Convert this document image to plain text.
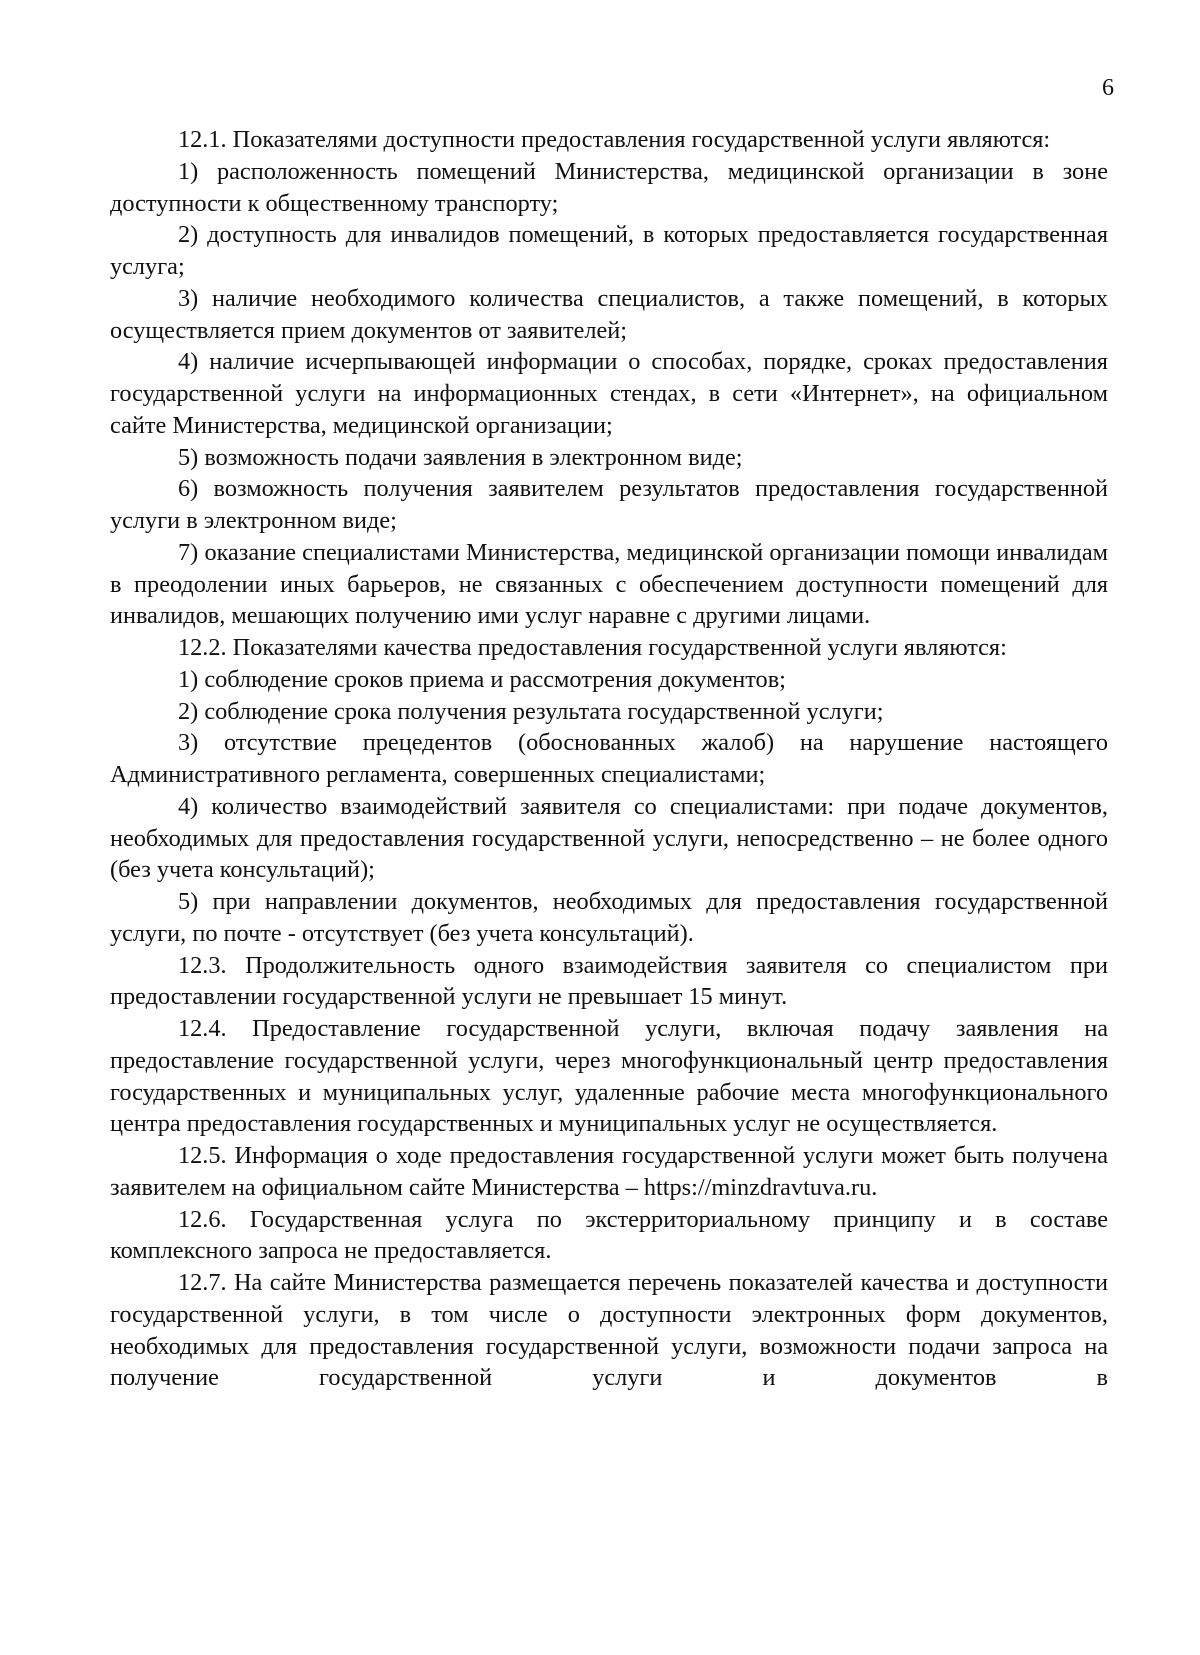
6

12.1. Показателями доступности предоставления государственной услуги являются:

1) расположенность помещений Министерства, медицинской организации в зоне доступности к общественному транспорту;

2) доступность для инвалидов помещений, в которых предоставляется государственная услуга;

3) наличие необходимого количества специалистов, а также помещений, в которых осуществляется прием документов от заявителей;

4) наличие исчерпывающей информации о способах, порядке, сроках предоставления государственной услуги на информационных стендах, в сети «Интернет», на официальном сайте Министерства, медицинской организации;

5) возможность подачи заявления в электронном виде;

6) возможность получения заявителем результатов предоставления государственной услуги в электронном виде;

7) оказание специалистами Министерства, медицинской организации помощи инвалидам в преодолении иных барьеров, не связанных с обеспечением доступности помещений для инвалидов, мешающих получению ими услуг наравне с другими лицами.

12.2. Показателями качества предоставления государственной услуги являются:

1) соблюдение сроков приема и рассмотрения документов;

2) соблюдение срока получения результата государственной услуги;

3) отсутствие прецедентов (обоснованных жалоб) на нарушение настоящего Административного регламента, совершенных специалистами;

4) количество взаимодействий заявителя со специалистами: при подаче документов, необходимых для предоставления государственной услуги, непосредственно – не более одного (без учета консультаций);

5) при направлении документов, необходимых для предоставления государственной услуги, по почте - отсутствует (без учета консультаций).

12.3. Продолжительность одного взаимодействия заявителя со специалистом при предоставлении государственной услуги не превышает 15 минут.

12.4. Предоставление государственной услуги, включая подачу заявления на предоставление государственной услуги, через многофункциональный центр предоставления государственных и муниципальных услуг, удаленные рабочие места многофункционального центра предоставления государственных и муниципальных услуг не осуществляется.

12.5. Информация о ходе предоставления государственной услуги может быть получена заявителем на официальном сайте Министерства – https://minzdravtuva.ru.

12.6. Государственная услуга по экстерриториальному принципу и в составе комплексного запроса не предоставляется.

12.7. На сайте Министерства размещается перечень показателей качества и доступности государственной услуги, в том числе о доступности электронных форм документов, необходимых для предоставления государственной услуги, возможности подачи запроса на получение государственной услуги и документов в
